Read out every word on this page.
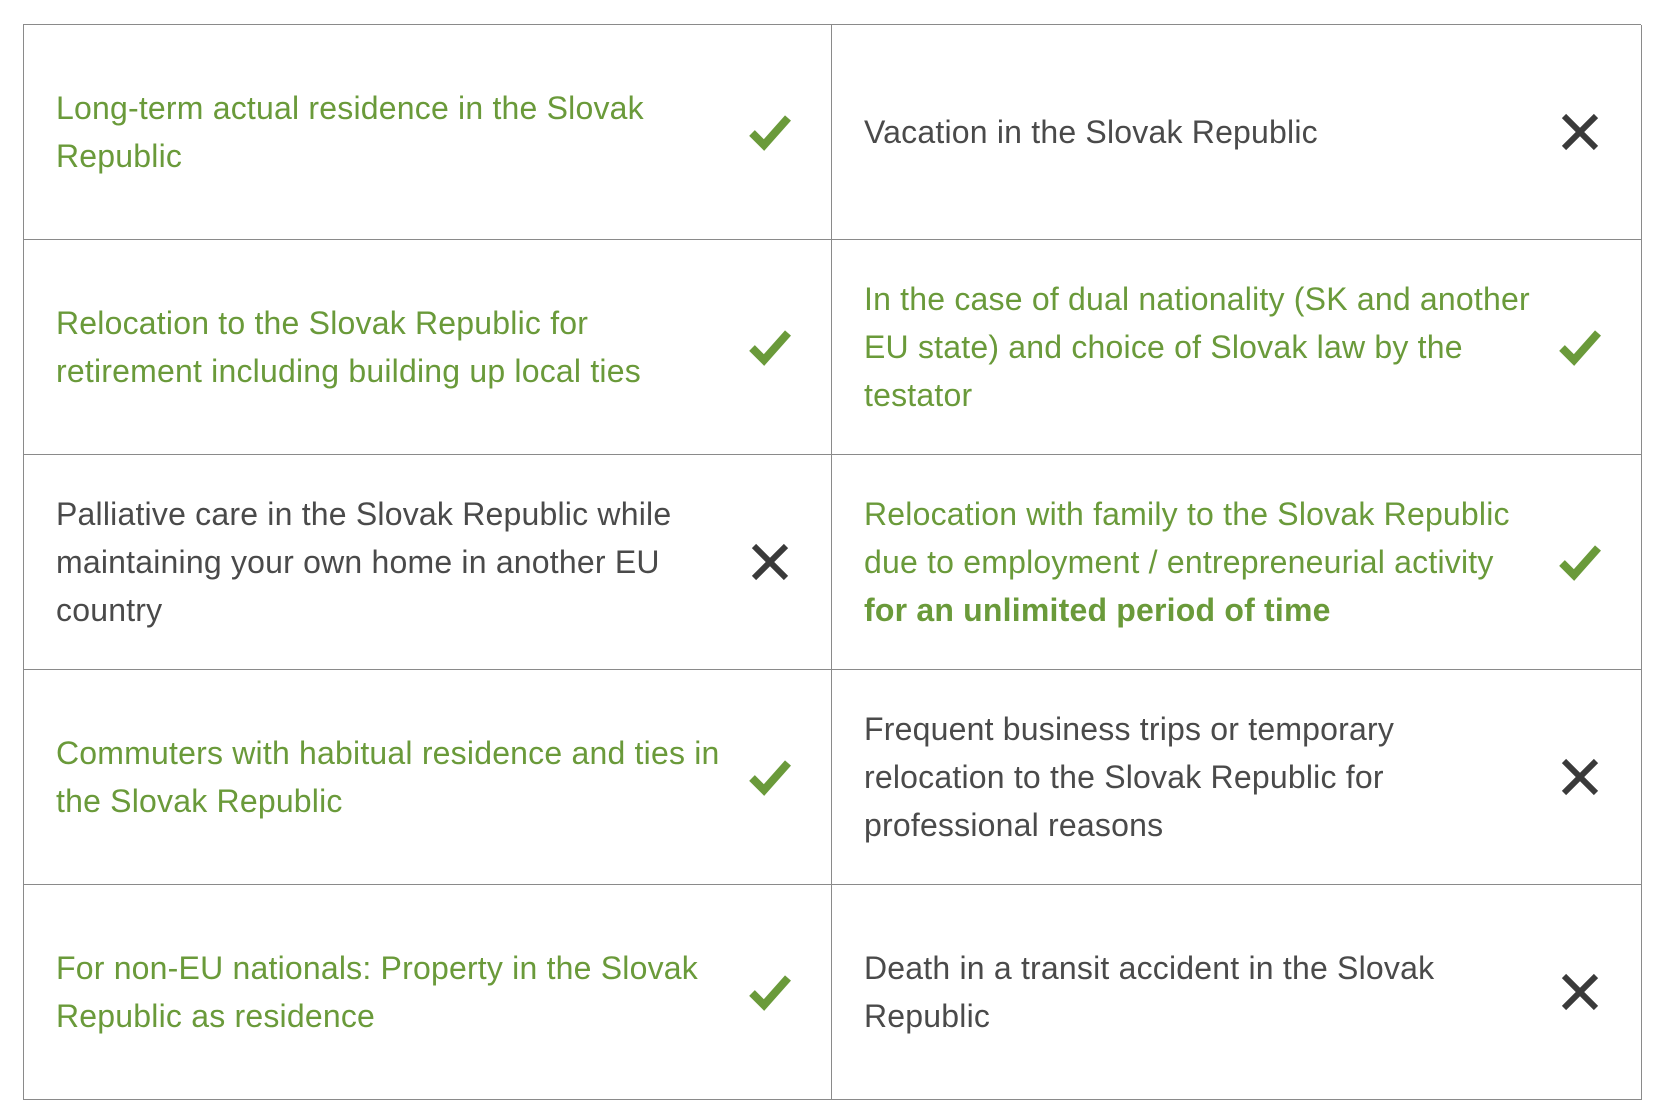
Long-term actual residence in the Slovak Republic
Vacation in the Slovak Republic
Relocation to the Slovak Republic for retirement including building up local ties
In the case of dual nationality (SK and another EU state) and choice of Slovak law by the testator
Palliative care in the Slovak Republic while maintaining your own home in another EU country
Relocation with family to the Slovak Republic due to employment / entrepreneurial activity for an unlimited period of time
Commuters with habitual residence and ties in the Slovak Republic
Frequent business trips or temporary relocation to the Slovak Republic for professional reasons
For non-EU nationals: Property in the Slovak Republic as residence
Death in a transit accident in the Slovak Republic
